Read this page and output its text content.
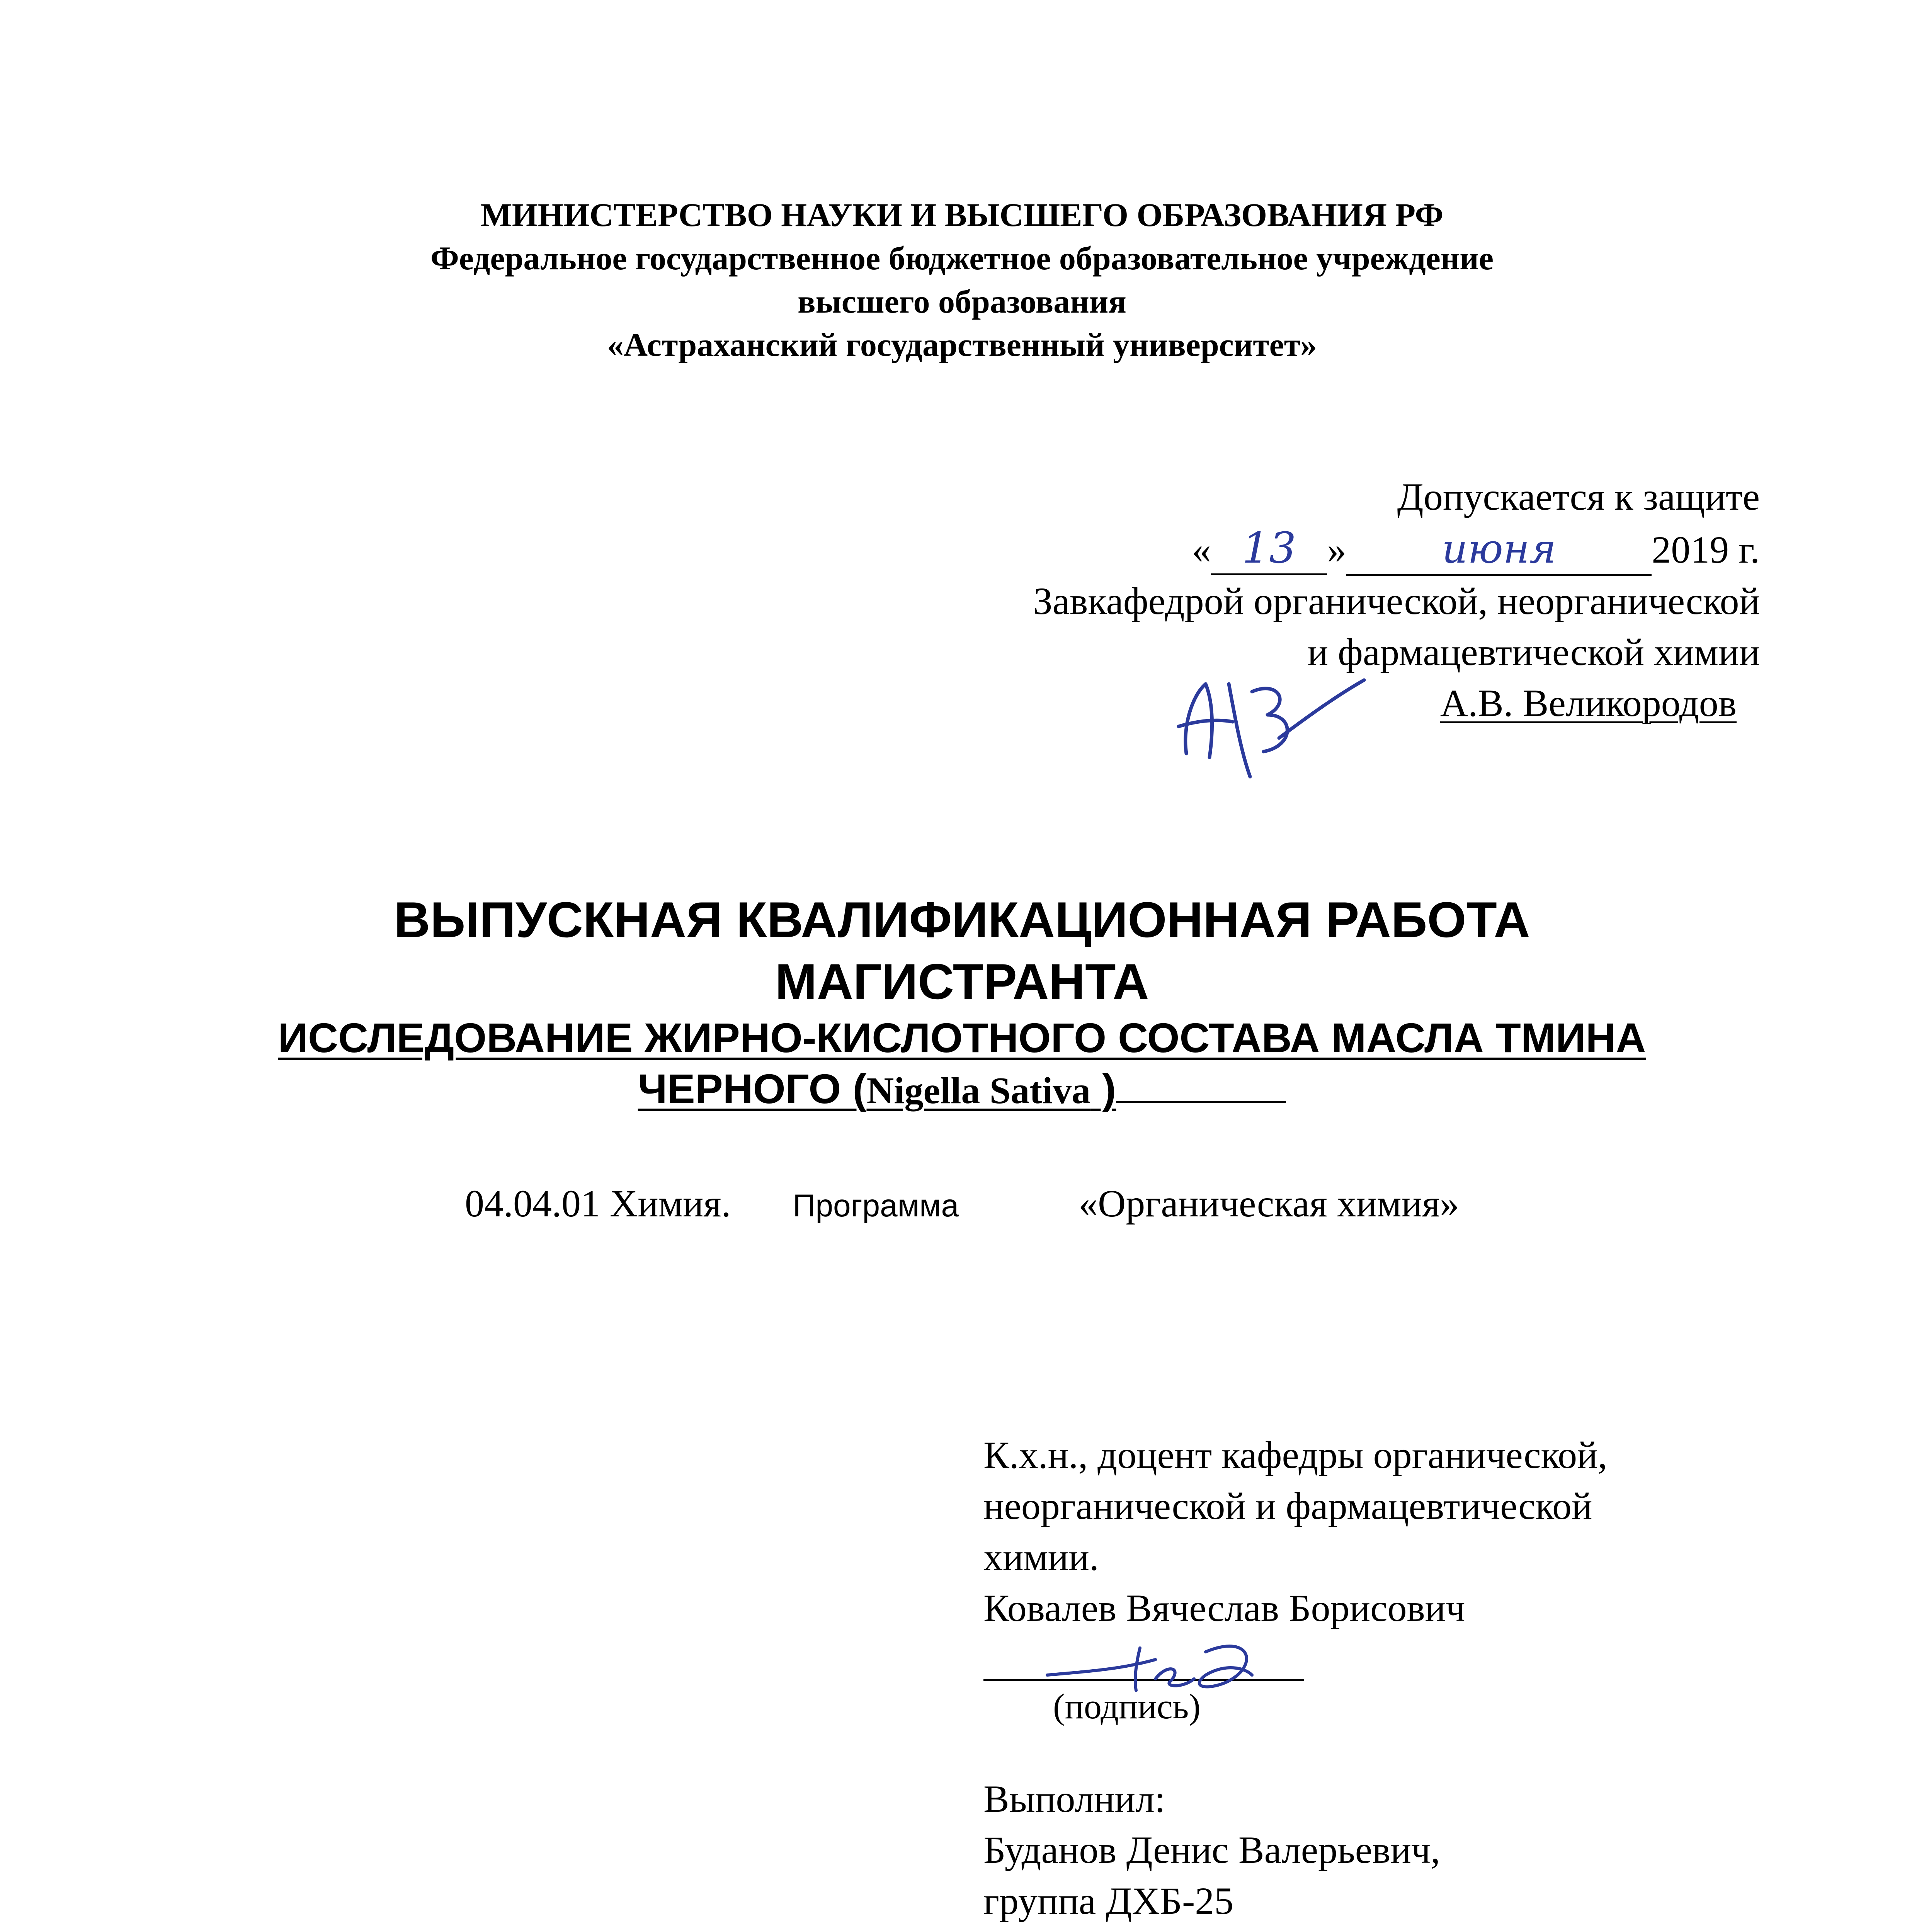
МИНИСТЕРСТВО НАУКИ И ВЫСШЕГО ОБРАЗОВАНИЯ РФ
Федеральное государственное бюджетное образовательное учреждение
высшего образования
«Астраханский государственный университет»
Допускается к защите
« 13 » июня 2019 г.
Завкафедрой органической, неорганической
и фармацевтической химии
А.В. Великородов
ВЫПУСКНАЯ КВАЛИФИКАЦИОННАЯ РАБОТА
МАГИСТРАНТА
ИССЛЕДОВАНИЕ ЖИРНО-КИСЛОТНОГО СОСТАВА МАСЛА ТМИНА
ЧЕРНОГО (Nigella Sativa )
04.04.01 Химия. Программа	«Органическая химия»
К.х.н., доцент кафедры органической,
неорганической и фармацевтической
химии.
Ковалев Вячеслав Борисович
(подпись)
Выполнил:
Буданов Денис Валерьевич,
группа ДХБ-25
